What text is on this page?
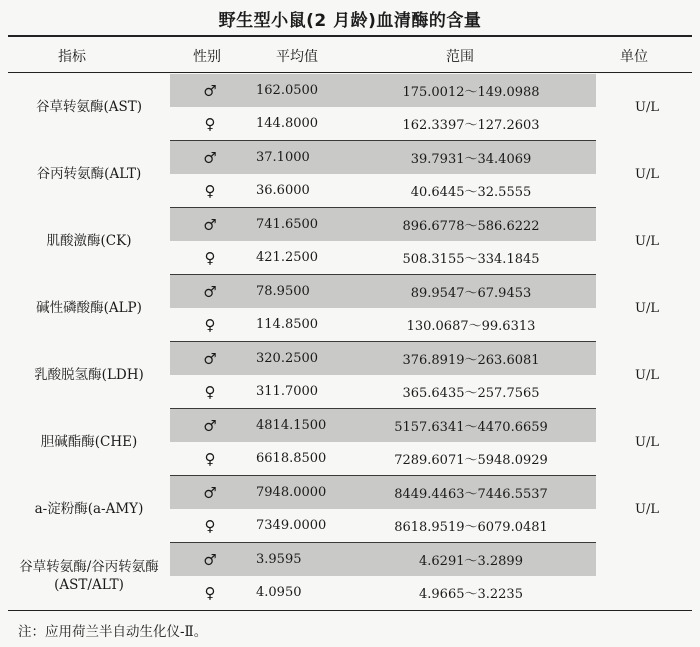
野生型小鼠(2 月龄)血清酶的含量
指标	性别	平均值	范围	单位
谷草转氨酶(AST)	♂	162.0500	175.0012～149.0988	U/L
	♀	144.8000	162.3397～127.2603	
谷丙转氨酶(ALT)	♂	37.1000	39.7931～34.4069	U/L
	♀	36.6000	40.6445～32.5555	
肌酸激酶(CK)	♂	741.6500	896.6778～586.6222	U/L
	♀	421.2500	508.3155～334.1845	
碱性磷酸酶(ALP)	♂	78.9500	89.9547～67.9453	U/L
	♀	114.8500	130.0687～99.6313	
乳酸脱氢酶(LDH)	♂	320.2500	376.8919～263.6081	U/L
	♀	311.7000	365.6435～257.7565	
胆碱酯酶(CHE)	♂	4814.1500	5157.6341～4470.6659	U/L
	♀	6618.8500	7289.6071～5948.0929	
a-淀粉酶(a-AMY)	♂	7948.0000	8449.4463～7446.5537	U/L
	♀	7349.0000	8618.9519～6079.0481	
谷草转氨酶/谷丙转氨酶(AST/ALT)	♂	3.9595	4.6291～3.2899	
	♀	4.0950	4.9665～3.2235	
注：应用荷兰半自动生化仪-Ⅱ。
